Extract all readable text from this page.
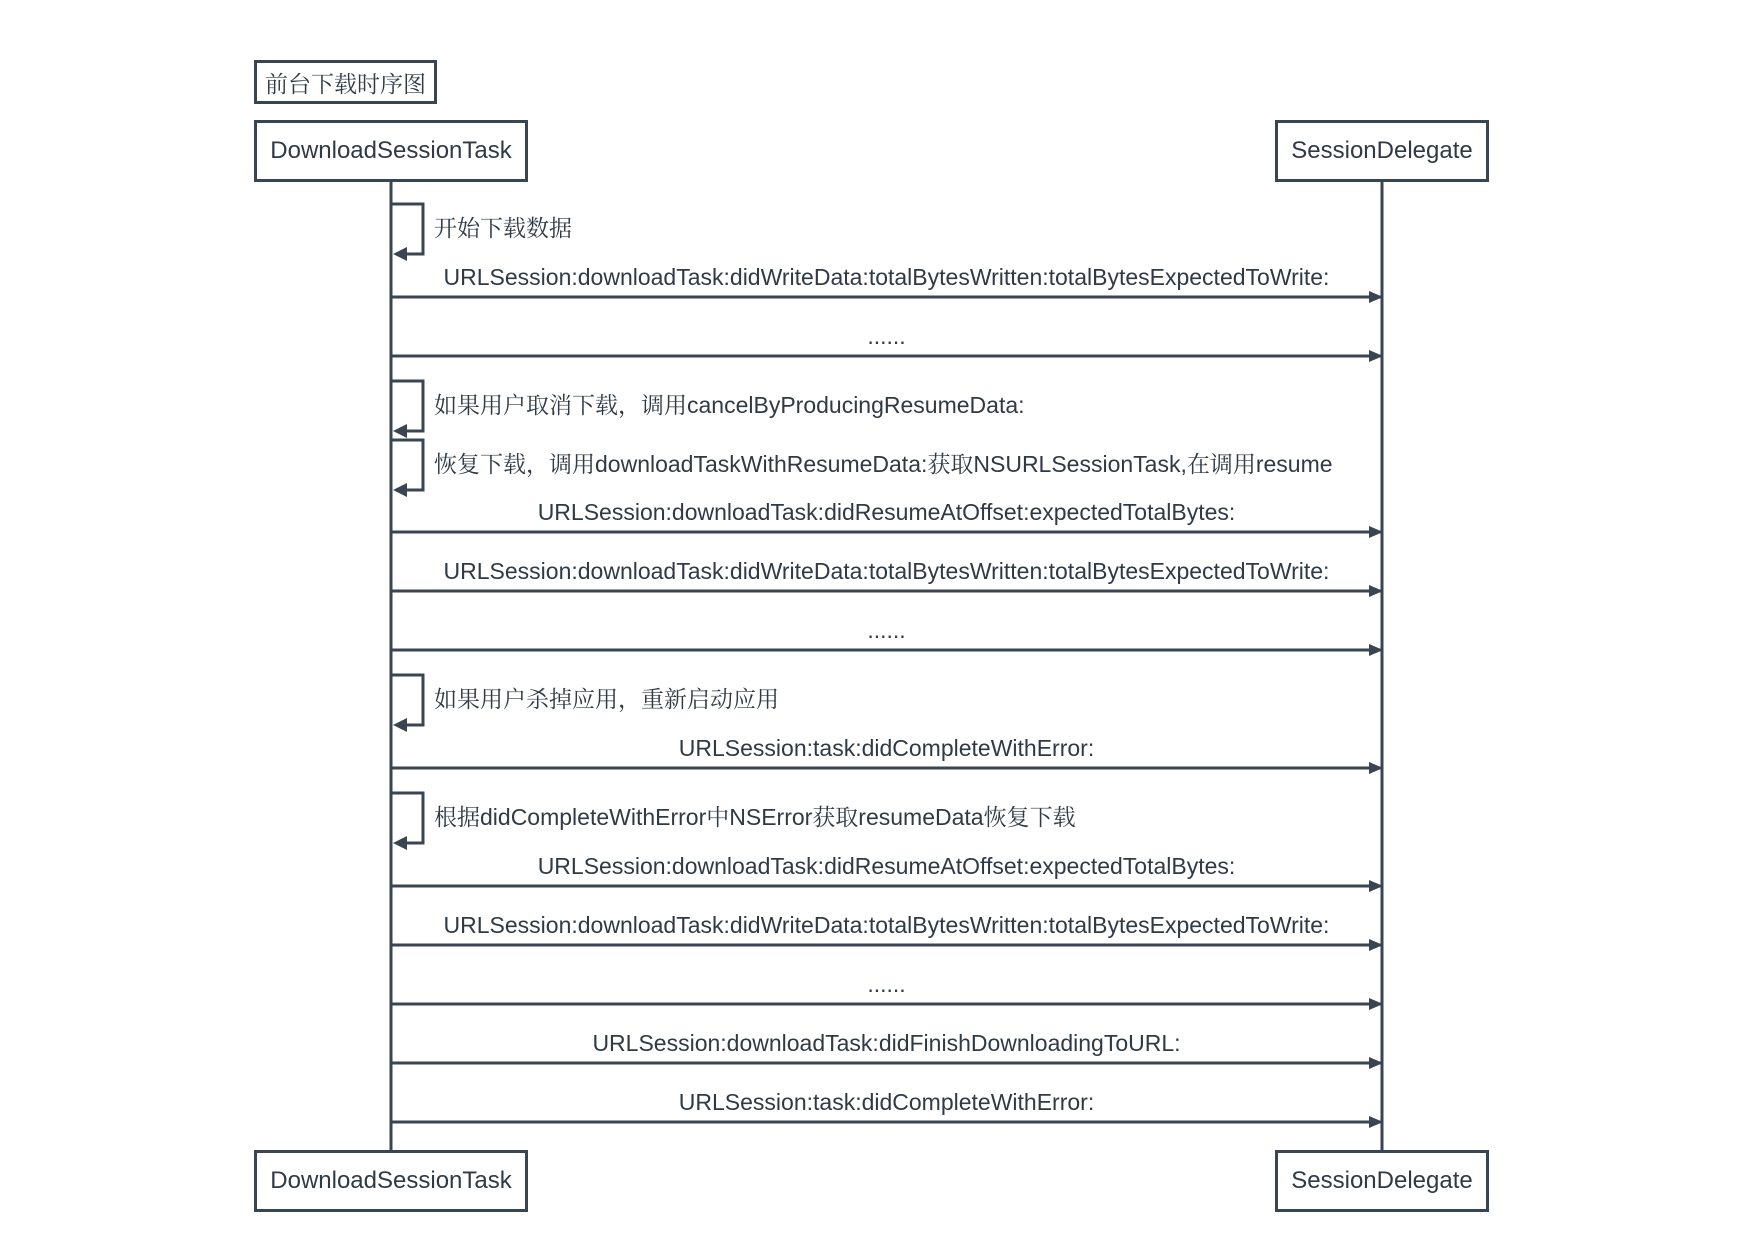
开始下载数据
URLSession:downloadTask:didWriteData:totalBytesWritten:totalBytesExpectedToWrite:
......
如果用户取消下载，调用cancelByProducingResumeData:
恢复下载，调用downloadTaskWithResumeData:获取NSURLSessionTask,在调用resume
URLSession:downloadTask:didResumeAtOffset:expectedTotalBytes:
URLSession:downloadTask:didWriteData:totalBytesWritten:totalBytesExpectedToWrite:
......
如果用户杀掉应用，重新启动应用
URLSession:task:didCompleteWithError:
根据didCompleteWithError中NSError获取resumeData恢复下载
URLSession:downloadTask:didResumeAtOffset:expectedTotalBytes:
URLSession:downloadTask:didWriteData:totalBytesWritten:totalBytesExpectedToWrite:
......
URLSession:downloadTask:didFinishDownloadingToURL:
URLSession:task:didCompleteWithError:
前台下载时序图
DownloadSessionTask	SessionDelegate
DownloadSessionTask	SessionDelegate
